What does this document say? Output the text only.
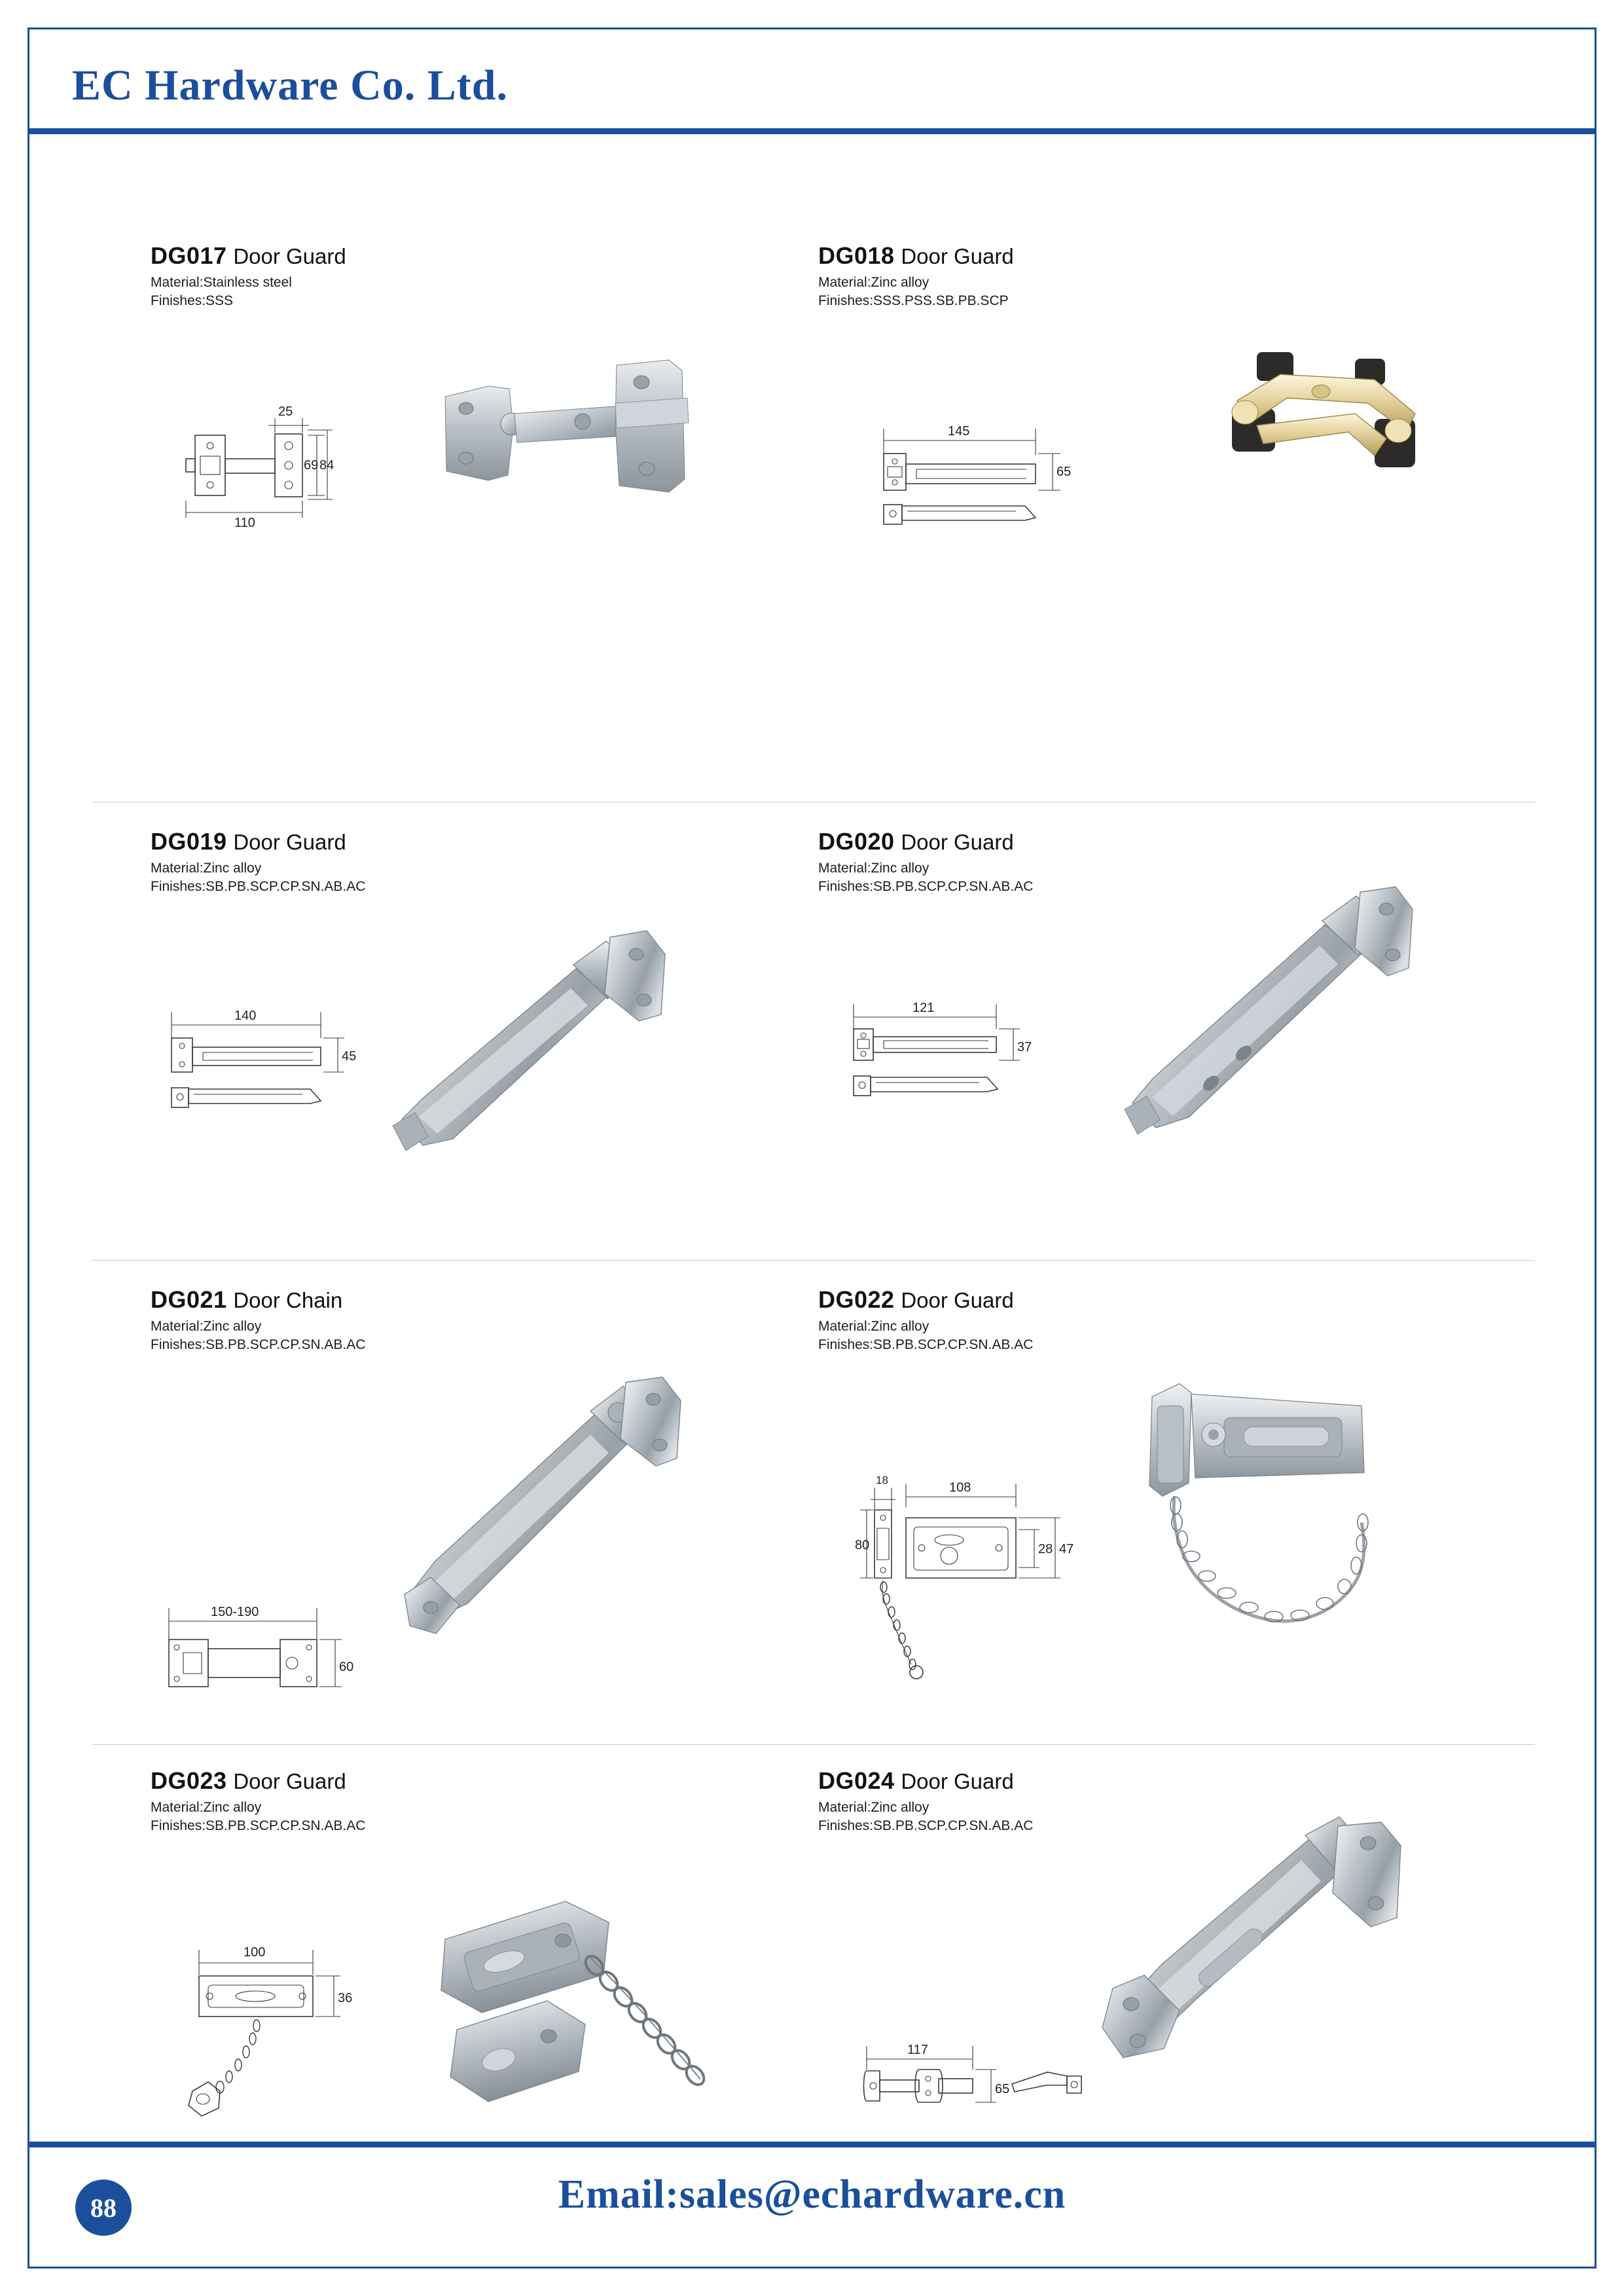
EC Hardware Co. Ltd.
DG017 Door Guard
Material:Stainless steel
Finishes:SSS
25
110
69 84
DG018 Door Guard
Material:Zinc alloy
Finishes:SSS.PSS.SB.PB.SCP
145
65
DG019 Door Guard
Material:Zinc alloy
Finishes:SB.PB.SCP.CP.SN.AB.AC
140
45
DG020 Door Guard
Material:Zinc alloy
Finishes:SB.PB.SCP.CP.SN.AB.AC
121
37
DG021 Door Chain
Material:Zinc alloy
Finishes:SB.PB.SCP.CP.SN.AB.AC
150-190
60
DG022 Door Guard
Material:Zinc alloy
Finishes:SB.PB.SCP.CP.SN.AB.AC
18
108
80	28 47
DG023 Door Guard
Material:Zinc alloy
Finishes:SB.PB.SCP.CP.SN.AB.AC
100
36
DG024 Door Guard
Material:Zinc alloy
Finishes:SB.PB.SCP.CP.SN.AB.AC
117
65
88	Email:sales@echardware.cn
